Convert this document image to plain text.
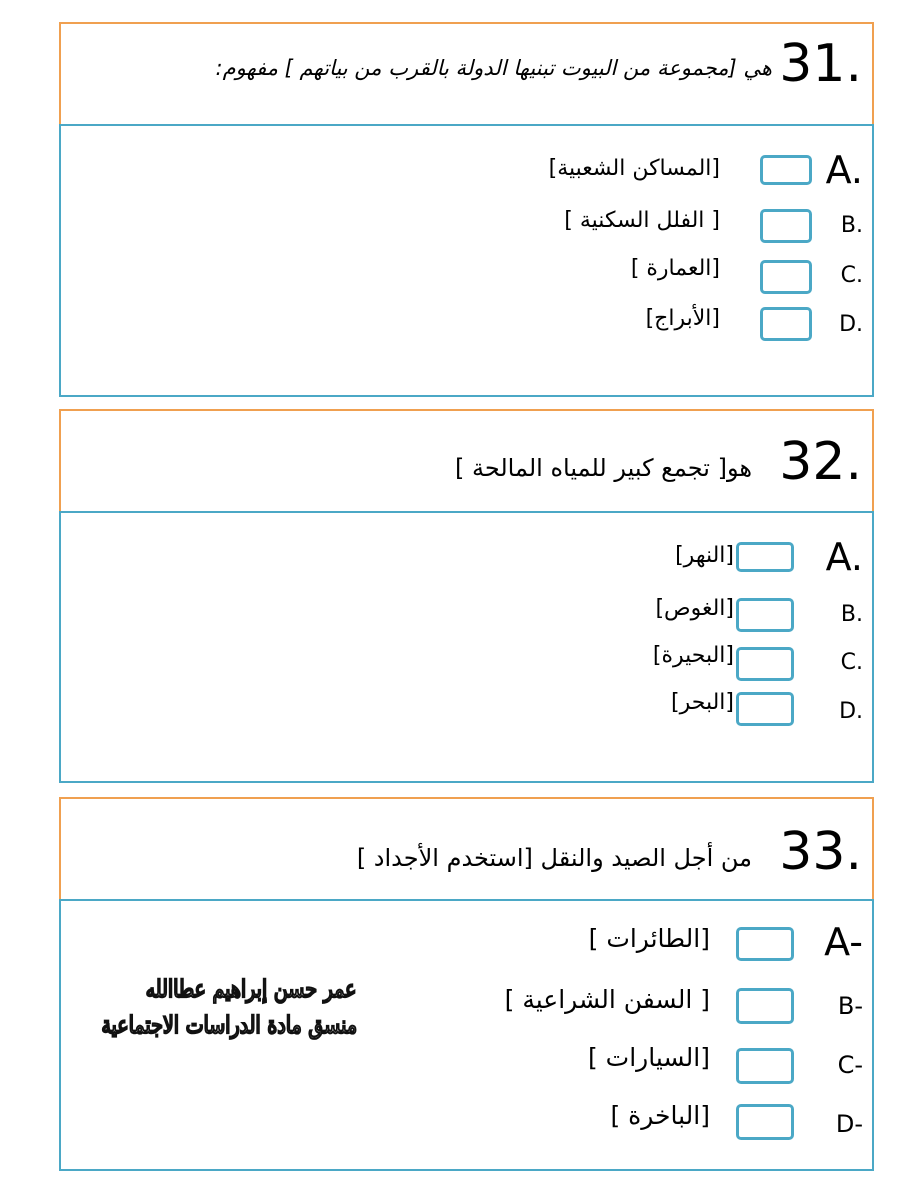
31.
هي [مجموعة من البيوت تبنيها الدولة بالقرب من بياتهم ] مفهوم:
A.
[المساكن الشعبية]
B.
[ الفلل السكنية ]
C.
[العمارة ]
D.
[الأبراج]
32.
هو[ تجمع كبير للمياه المالحة ]
A.
[النهر]
B.
[الغوص]
C.
[البحيرة]
D.
[البحر]
33.
من أجل الصيد والنقل [استخدم الأجداد ]
A-
[الطائرات ]
B-
[ السفن الشراعية ]
C-
[السيارات ]
D-
[الباخرة ]
عمر حسن إبراهيم عطاالله
منسق مادة الدراسات الاجتماعية
